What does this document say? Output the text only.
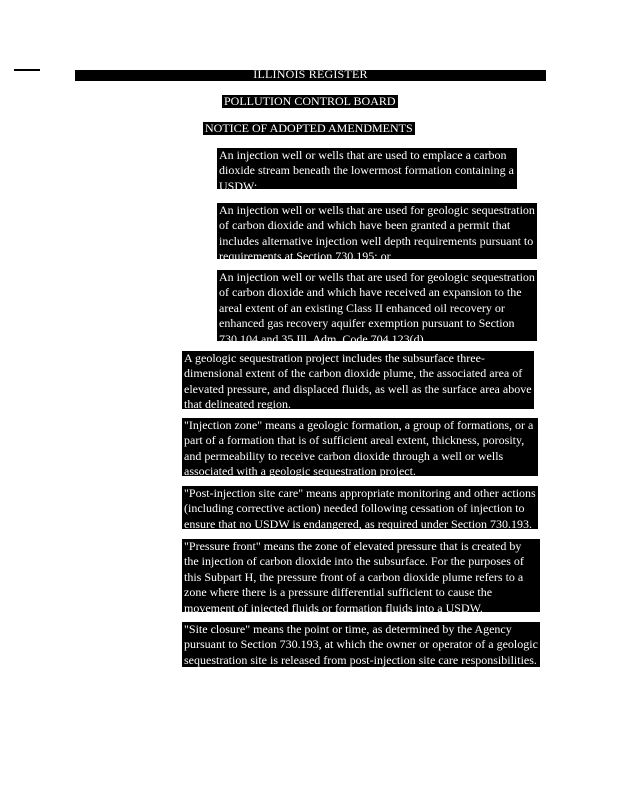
ILLINOIS REGISTER
POLLUTION CONTROL BOARD
NOTICE OF ADOPTED AMENDMENTS

An injection well or wells that are used to emplace a carbon dioxide stream beneath the lowermost formation containing a USDW;

An injection well or wells that are used for geologic sequestration of carbon dioxide and which have been granted a permit that includes alternative injection well depth requirements pursuant to requirements at Section 730.195; or

An injection well or wells that are used for geologic sequestration of carbon dioxide and which have received an expansion to the areal extent of an existing Class II enhanced oil recovery or enhanced gas recovery aquifer exemption pursuant to Section 730.104 and 35 Ill. Adm. Code 704.123(d).

A geologic sequestration project includes the subsurface three-dimensional extent of the carbon dioxide plume, the associated area of elevated pressure, and displaced fluids, as well as the surface area above that delineated region.

"Injection zone" means a geologic formation, a group of formations, or a part of a formation that is of sufficient areal extent, thickness, porosity, and permeability to receive carbon dioxide through a well or wells associated with a geologic sequestration project.

"Post-injection site care" means appropriate monitoring and other actions (including corrective action) needed following cessation of injection to ensure that no USDW is endangered, as required under Section 730.193.

"Pressure front" means the zone of elevated pressure that is created by the injection of carbon dioxide into the subsurface. For the purposes of this Subpart H, the pressure front of a carbon dioxide plume refers to a zone where there is a pressure differential sufficient to cause the movement of injected fluids or formation fluids into a USDW.

"Site closure" means the point or time, as determined by the Agency pursuant to Section 730.193, at which the owner or operator of a geologic sequestration site is released from post-injection site care responsibilities.
